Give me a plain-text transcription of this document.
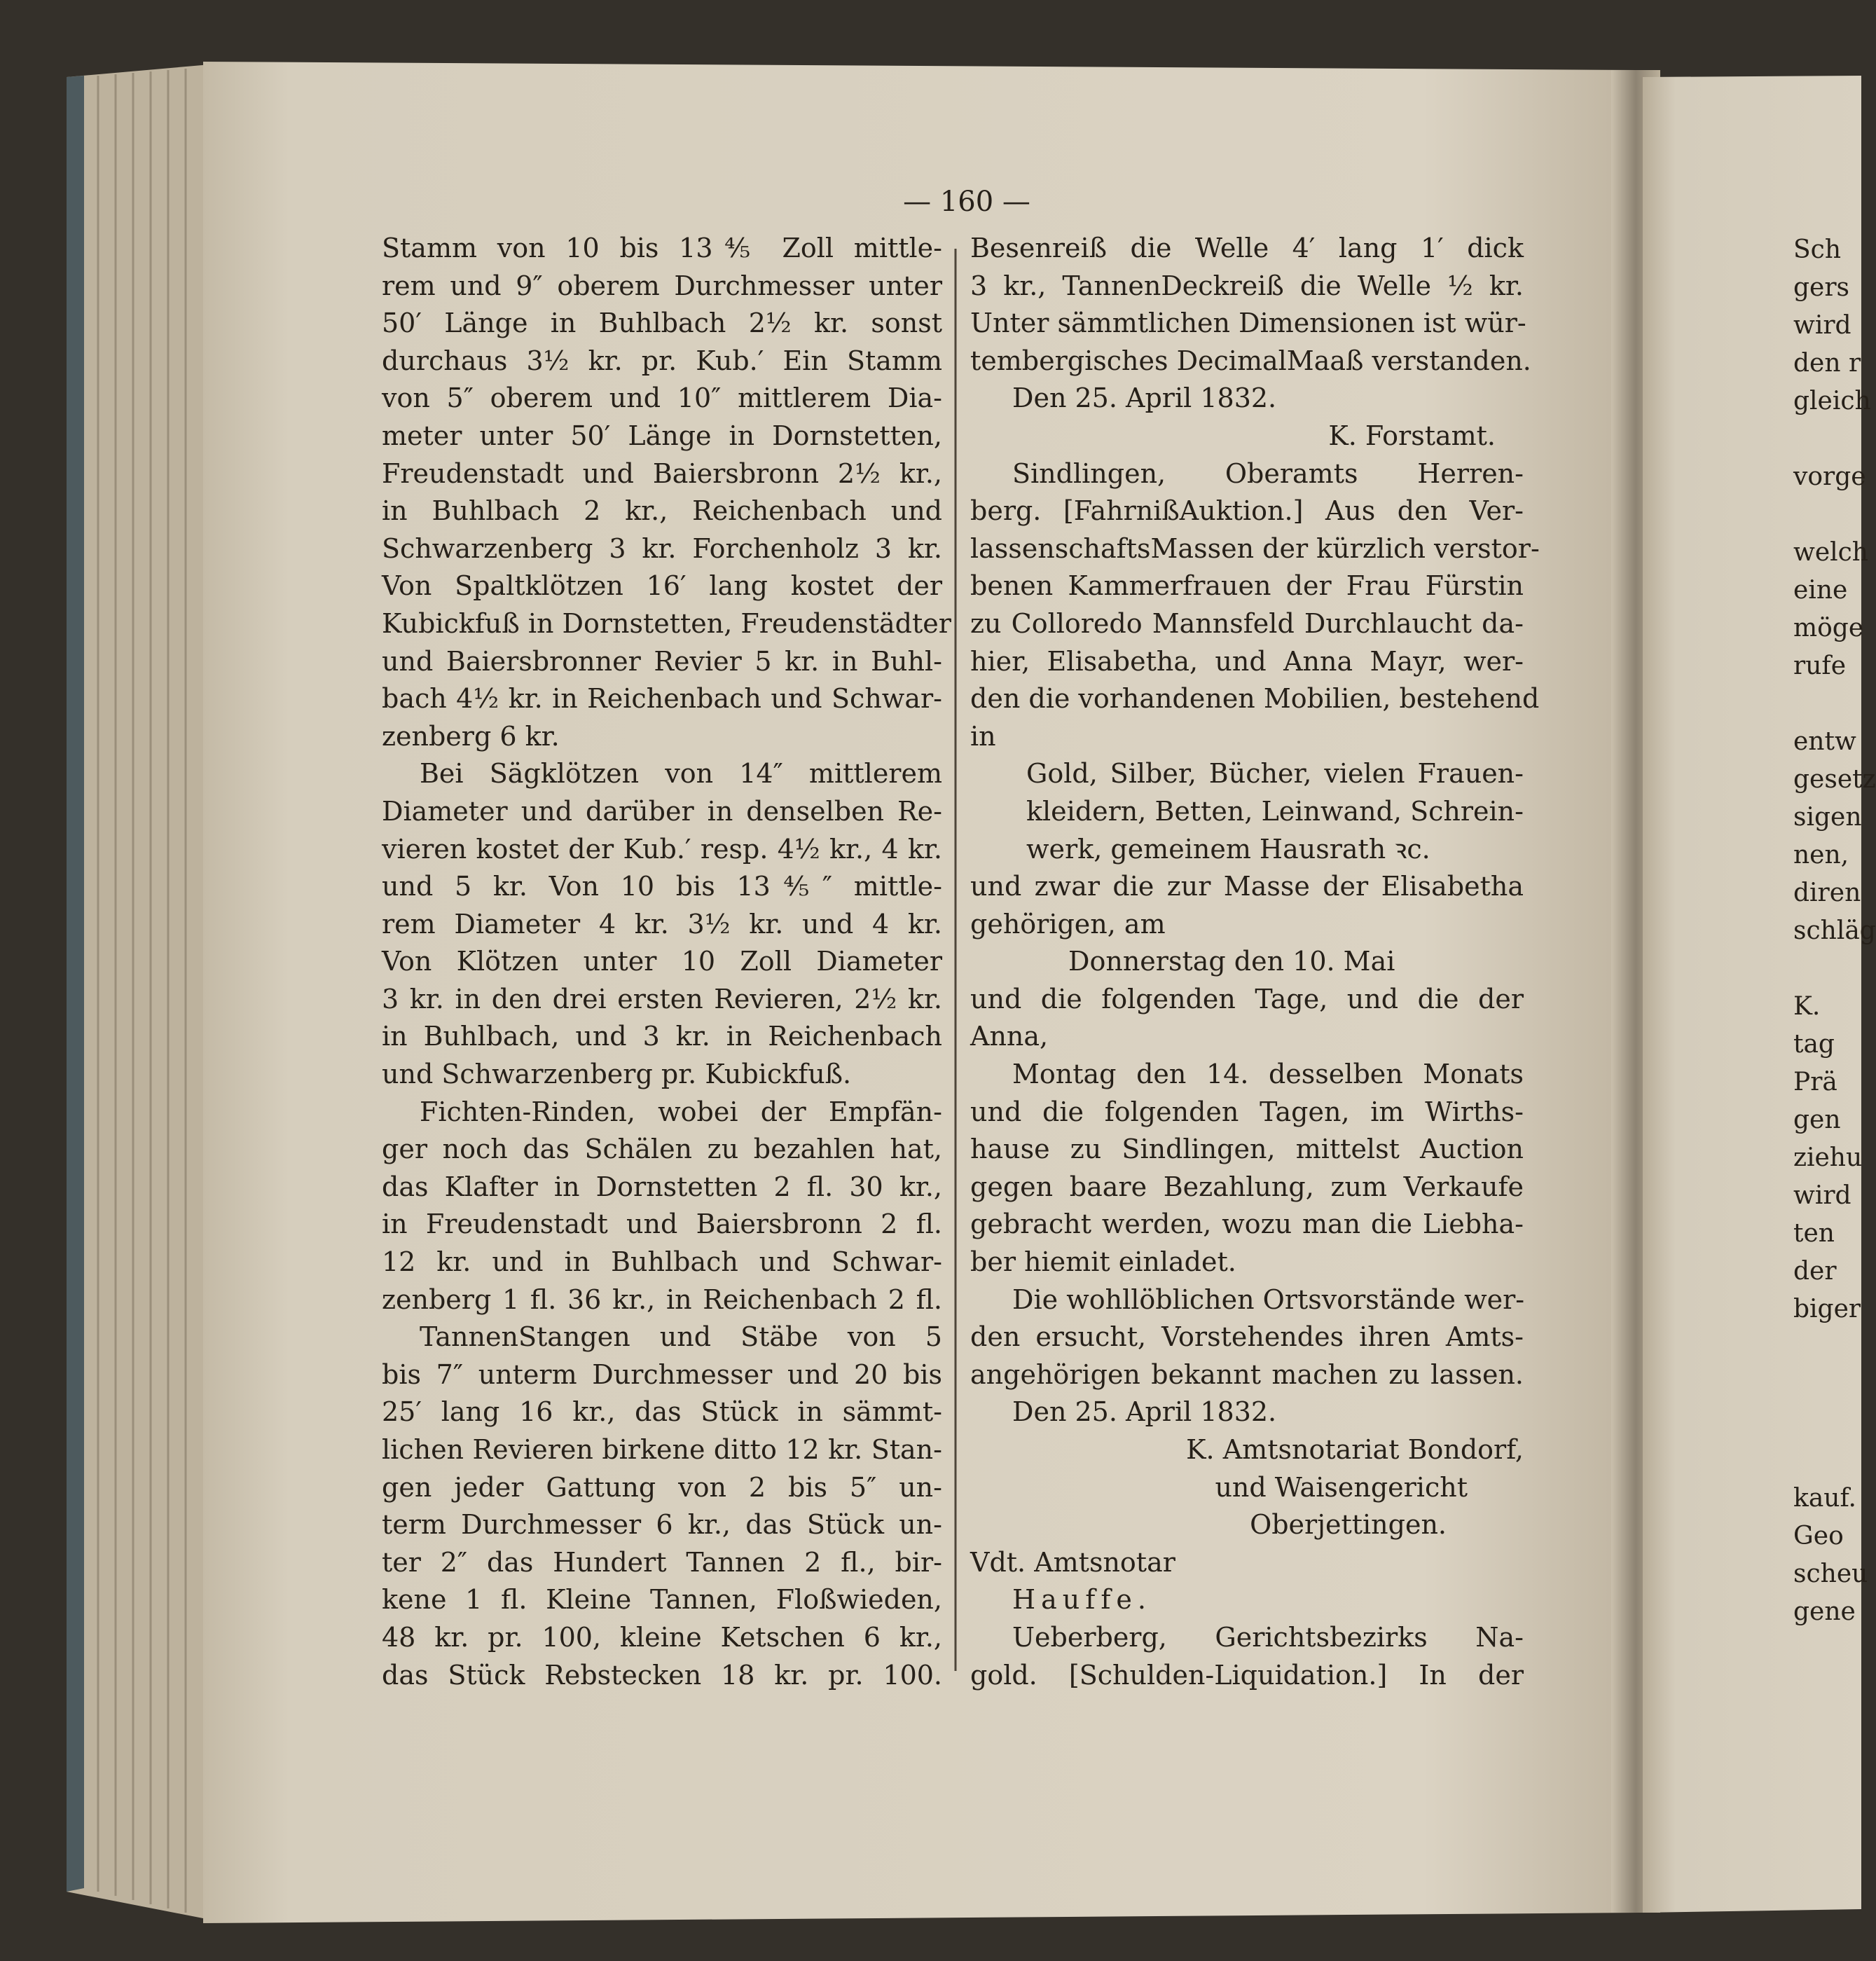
— 160 —
Stamm von 10 bis 13⅘ Zoll mittle-
rem und 9″ oberem Durchmesser unter
50′ Länge in Buhlbach 2½ kr. sonst
durchaus 3½ kr. pr. Kub.′ Ein Stamm
von 5″ oberem und 10″ mittlerem Dia-
meter unter 50′ Länge in Dornstetten,
Freudenstadt und Baiersbronn 2½ kr.,
in Buhlbach 2 kr., Reichenbach und
Schwarzenberg 3 kr. Forchenholz 3 kr.
Von Spaltklötzen 16′ lang kostet der
Kubickfuß in Dornstetten, Freudenstädter
und Baiersbronner Revier 5 kr. in Buhl-
bach 4½ kr. in Reichenbach und Schwar-
zenberg 6 kr.
Bei Sägklötzen von 14″ mittlerem
Diameter und darüber in denselben Re-
vieren kostet der Kub.′ resp. 4½ kr., 4 kr.
und 5 kr. Von 10 bis 13⅘″ mittle-
rem Diameter 4 kr. 3½ kr. und 4 kr.
Von Klötzen unter 10 Zoll Diameter
3 kr. in den drei ersten Revieren, 2½ kr.
in Buhlbach, und 3 kr. in Reichenbach
und Schwarzenberg pr. Kubickfuß.
Fichten-Rinden, wobei der Empfän-
ger noch das Schälen zu bezahlen hat,
das Klafter in Dornstetten 2 fl. 30 kr.,
in Freudenstadt und Baiersbronn 2 fl.
12 kr. und in Buhlbach und Schwar-
zenberg 1 fl. 36 kr., in Reichenbach 2 fl.
TannenStangen und Stäbe von 5
bis 7″ unterm Durchmesser und 20 bis
25′ lang 16 kr., das Stück in sämmt-
lichen Revieren birkene ditto 12 kr. Stan-
gen jeder Gattung von 2 bis 5″ un-
term Durchmesser 6 kr., das Stück un-
ter 2″ das Hundert Tannen 2 fl., bir-
kene 1 fl. Kleine Tannen, Floßwieden,
48 kr. pr. 100, kleine Ketschen 6 kr.,
das Stück Rebstecken 18 kr. pr. 100.
Besenreiß die Welle 4′ lang 1′ dick
3 kr., TannenDeckreiß die Welle ½ kr.
Unter sämmtlichen Dimensionen ist wür-
tembergisches DecimalMaaß verstanden.
Den 25. April 1832.
K. Forstamt.
Sindlingen, Oberamts Herren-
berg. [FahrnißAuktion.] Aus den Ver-
lassenschaftsMassen der kürzlich verstor-
benen Kammerfrauen der Frau Fürstin
zu Colloredo Mannsfeld Durchlaucht da-
hier, Elisabetha, und Anna Mayr, wer-
den die vorhandenen Mobilien, bestehend
in
Gold, Silber, Bücher, vielen Frauen-
kleidern, Betten, Leinwand, Schrein-
werk, gemeinem Hausrath ꝛc.
und zwar die zur Masse der Elisabetha
gehörigen, am
Donnerstag den 10. Mai
und die folgenden Tage, und die der
Anna,
Montag den 14. desselben Monats
und die folgenden Tagen, im Wirths-
hause zu Sindlingen, mittelst Auction
gegen baare Bezahlung, zum Verkaufe
gebracht werden, wozu man die Liebha-
ber hiemit einladet.
Die wohllöblichen Ortsvorstände wer-
den ersucht, Vorstehendes ihren Amts-
angehörigen bekannt machen zu lassen.
Den 25. April 1832.
K. Amtsnotariat Bondorf,
und Waisengericht
Oberjettingen.
Vdt. Amtsnotar
Hauffe.
Ueberberg, Gerichtsbezirks Na-
gold. [Schulden-Liquidation.] In der
Sch
gers
wird
den r
gleich
vorge
welch
eine
möge
rufe
entw
gesetz
sigen
nen,
diren
schläg
K.
tag
Prä
gen
ziehu
wird
ten
der
biger
kauf.
Geo
scheu
gene
